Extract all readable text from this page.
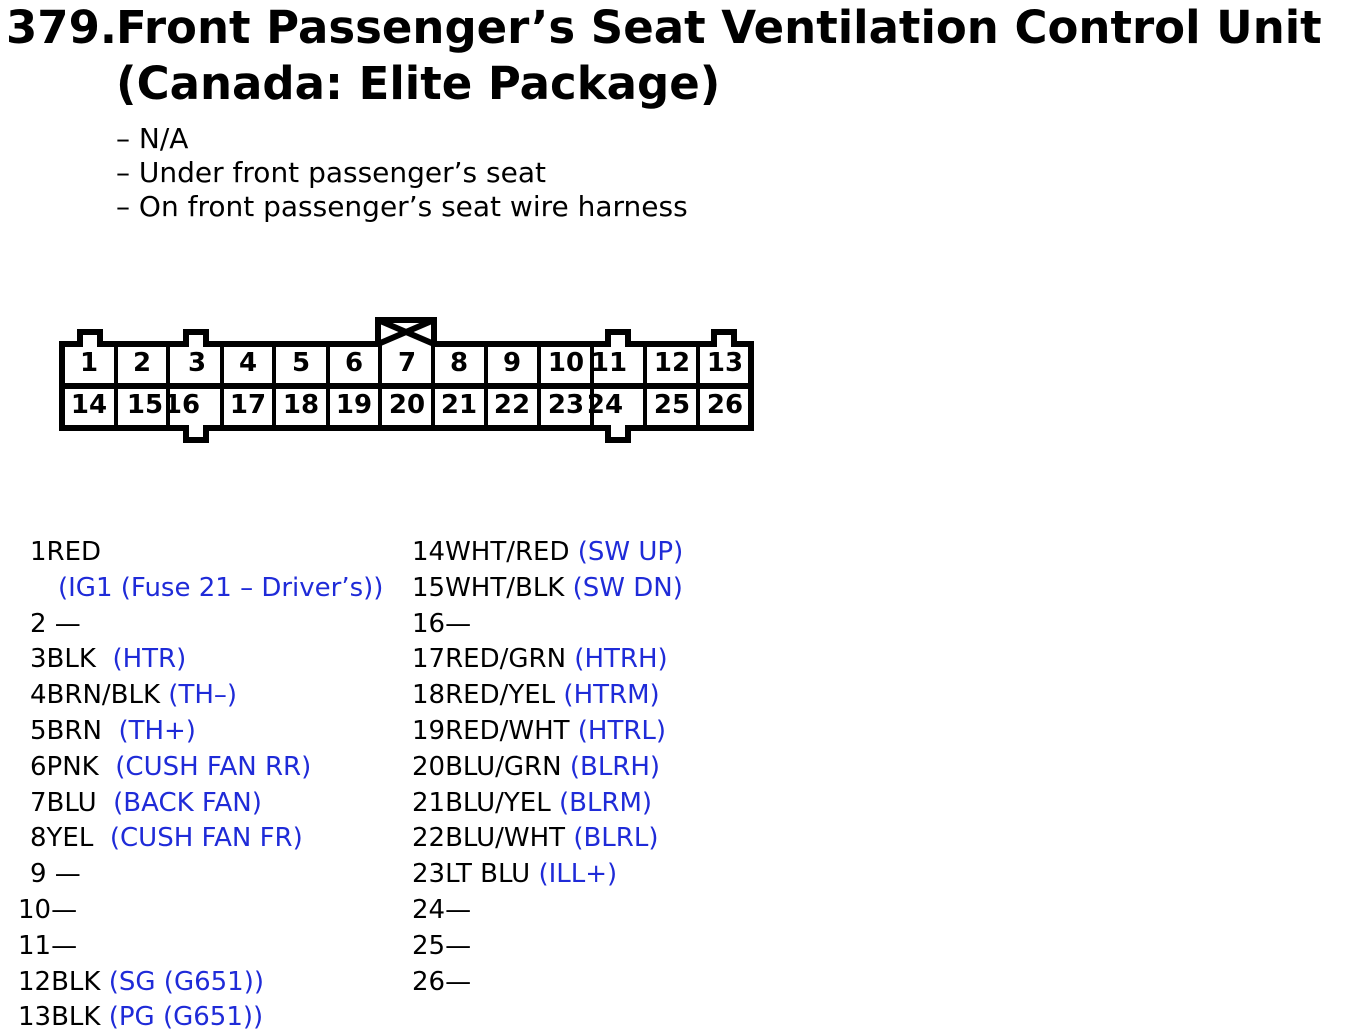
379.Front Passenger’s Seat Ventilation Control Unit
(Canada: Elite Package)
– N/A
– Under front passenger’s seat
– On front passenger’s seat wire harness
1	2	3	4	5	6	7	8	9	10 11 12 13
14 15 16 17 18 19 20 21 22 23 24 25 26
1RED
(IG1 (Fuse 21 – Driver’s))
2 —
3BLK (HTR)
4BRN/BLK (TH–)
5BRN (TH+)
6PNK (CUSH FAN RR)
7BLU (BACK FAN)
8YEL (CUSH FAN FR)
9 —
10—
11—
12BLK (SG (G651))
13BLK (PG (G651))
14WHT/RED (SW UP)
15WHT/BLK (SW DN)
16—
17RED/GRN (HTRH)
18RED/YEL (HTRM)
19RED/WHT (HTRL)
20BLU/GRN (BLRH)
21BLU/YEL (BLRM)
22BLU/WHT (BLRL)
23LT BLU (ILL+)
24—
25—
26—
